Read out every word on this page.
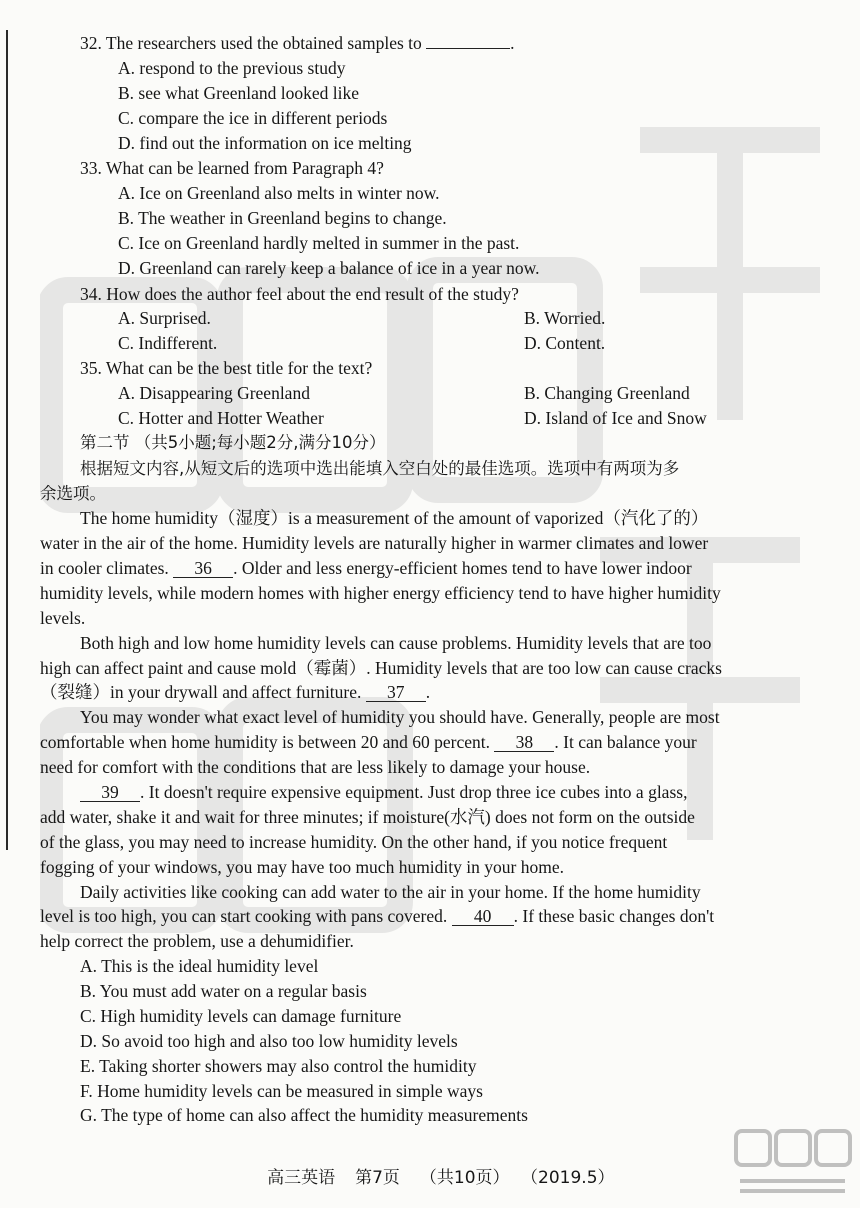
32. The researchers used the obtained samples to	.
A. respond to the previous study
B. see what Greenland looked like
C. compare the ice in different periods
D. find out the information on ice melting
33. What can be learned from Paragraph 4?
A. Ice on Greenland also melts in winter now.
B. The weather in Greenland begins to change.
C. Ice on Greenland hardly melted in summer in the past.
D. Greenland can rarely keep a balance of ice in a year now.
34. How does the author feel about the end result of the study?
A. Surprised.	B. Worried.
C. Indifferent.	D. Content.
35. What can be the best title for the text?
A. Disappearing Greenland	B. Changing Greenland
C. Hotter and Hotter Weather	D. Island of Ice and Snow
第二节 （共5小题;每小题2分,满分10分）
根据短文内容,从短文后的选项中选出能填入空白处的最佳选项。选项中有两项为多
余选项。
The home humidity（湿度）is a measurement of the amount of vaporized（汽化了的）
water in the air of the home. Humidity levels are naturally higher in warmer climates and lower
in cooler climates. 36 . Older and less energy-efficient homes tend to have lower indoor
humidity levels, while modern homes with higher energy efficiency tend to have higher humidity
levels.
Both high and low home humidity levels can cause problems. Humidity levels that are too
high can affect paint and cause mold（霉菌）. Humidity levels that are too low can cause cracks
（裂缝）in your drywall and affect furniture. 37 .
You may wonder what exact level of humidity you should have. Generally, people are most
comfortable when home humidity is between 20 and 60 percent. 38 . It can balance your
need for comfort with the conditions that are less likely to damage your house.
39 . It doesn't require expensive equipment. Just drop three ice cubes into a glass,
add water, shake it and wait for three minutes; if moisture(水汽) does not form on the outside
of the glass, you may need to increase humidity. On the other hand, if you notice frequent
fogging of your windows, you may have too much humidity in your home.
Daily activities like cooking can add water to the air in your home. If the home humidity
level is too high, you can start cooking with pans covered. 40 . If these basic changes don't
help correct the problem, use a dehumidifier.
A. This is the ideal humidity level
B. You must add water on a regular basis
C. High humidity levels can damage furniture
D. So avoid too high and also too low humidity levels
E. Taking shorter showers may also control the humidity
F. Home humidity levels can be measured in simple ways
G. The type of home can also affect the humidity measurements

高三英语 第7页 （共10页） （2019.5）
